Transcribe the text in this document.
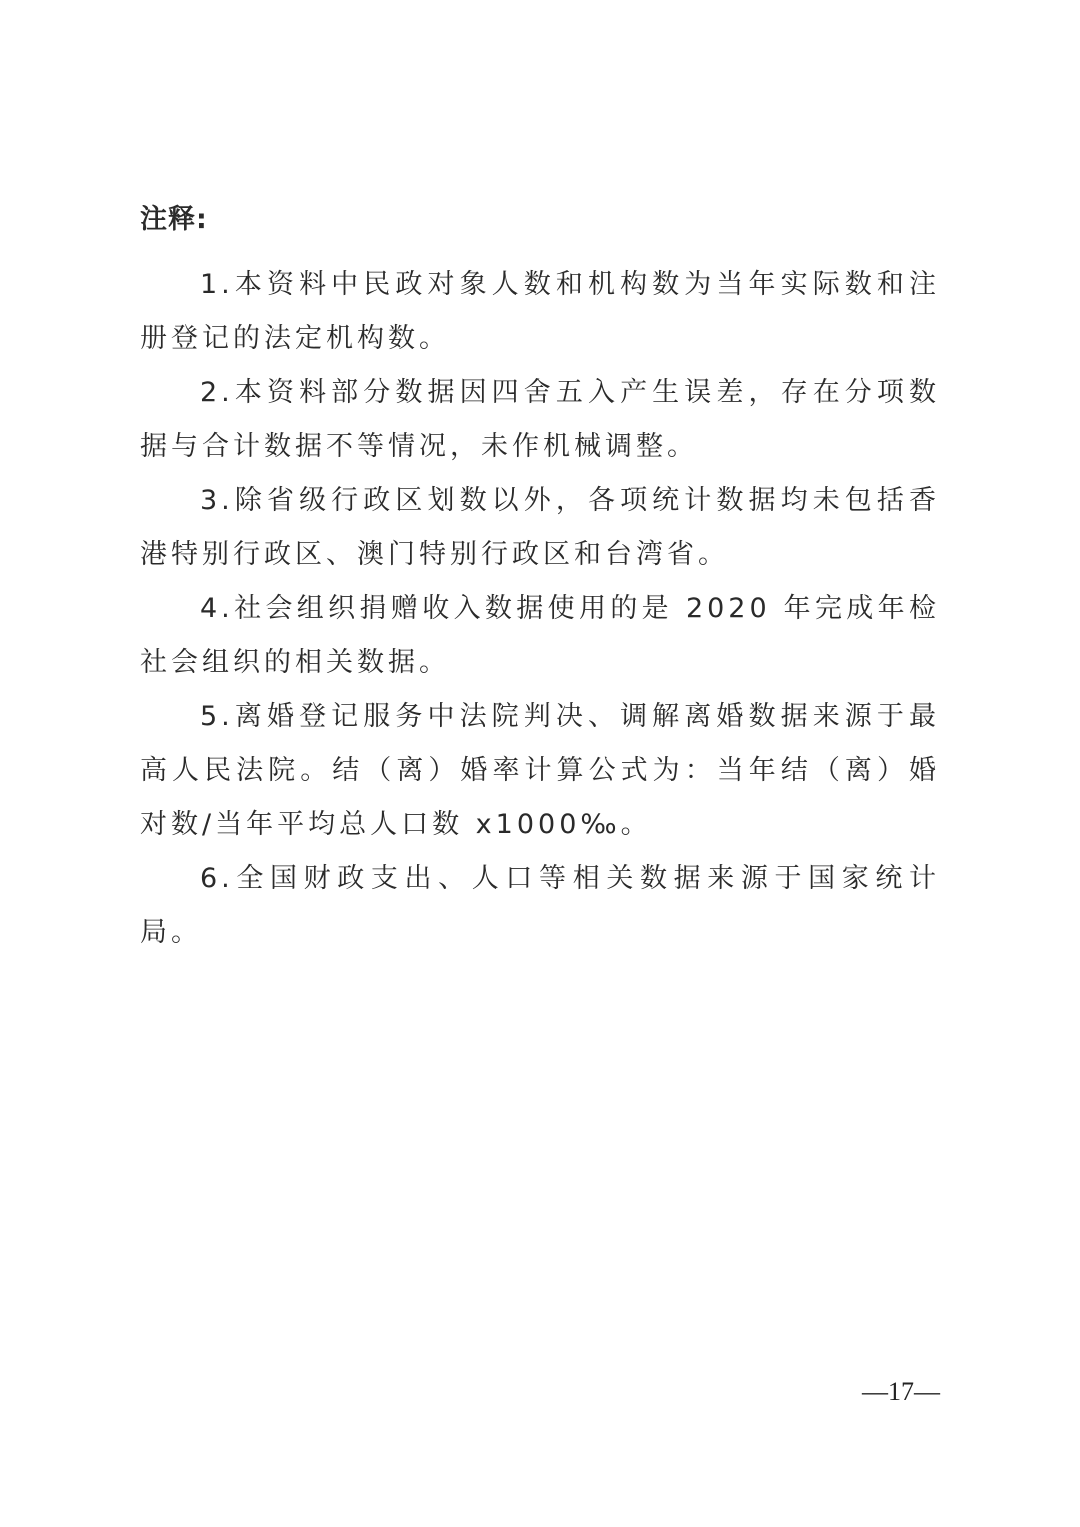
注释:

1.本资料中民政对象人数和机构数为当年实际数和注册登记的法定机构数。

2.本资料部分数据因四舍五入产生误差，存在分项数据与合计数据不等情况，未作机械调整。

3.除省级行政区划数以外，各项统计数据均未包括香港特别行政区、澳门特别行政区和台湾省。

4.社会组织捐赠收入数据使用的是 2020 年完成年检社会组织的相关数据。

5.离婚登记服务中法院判决、调解离婚数据来源于最高人民法院。结（离）婚率计算公式为：当年结（离）婚对数/当年平均总人口数 x1000‰。

6.全国财政支出、人口等相关数据来源于国家统计局。

—17—
